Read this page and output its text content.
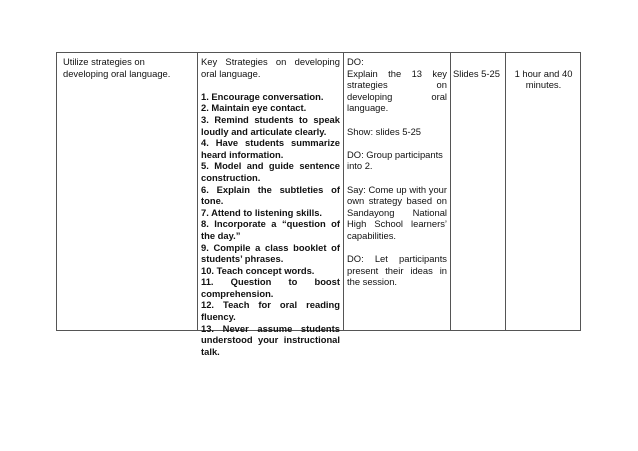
Utilize strategies on developing oral language.

Key Strategies on developing oral language.

1. Encourage conversation.

2. Maintain eye contact.

3. Remind students to speak loudly and articulate clearly.

4. Have students summarize heard information.

5. Model and guide sentence construction.

6. Explain the subtleties of tone.

7. Attend to listening skills.

8. Incorporate a “question of the day.”

9. Compile a class booklet of students’ phrases.

10. Teach concept words.

11. Question to boost comprehension.

12. Teach for oral reading fluency.

13. Never assume students understood your instructional talk.

DO:

Explain the 13 key strategies on developing oral language.

Show: slides 5-25

DO: Group participants into 2.

Say: Come up with your own strategy based on Sandayong National High School learners’ capabilities.

DO: Let participants present their ideas in the session.

Slides 5-25	1 hour and 40 minutes.
